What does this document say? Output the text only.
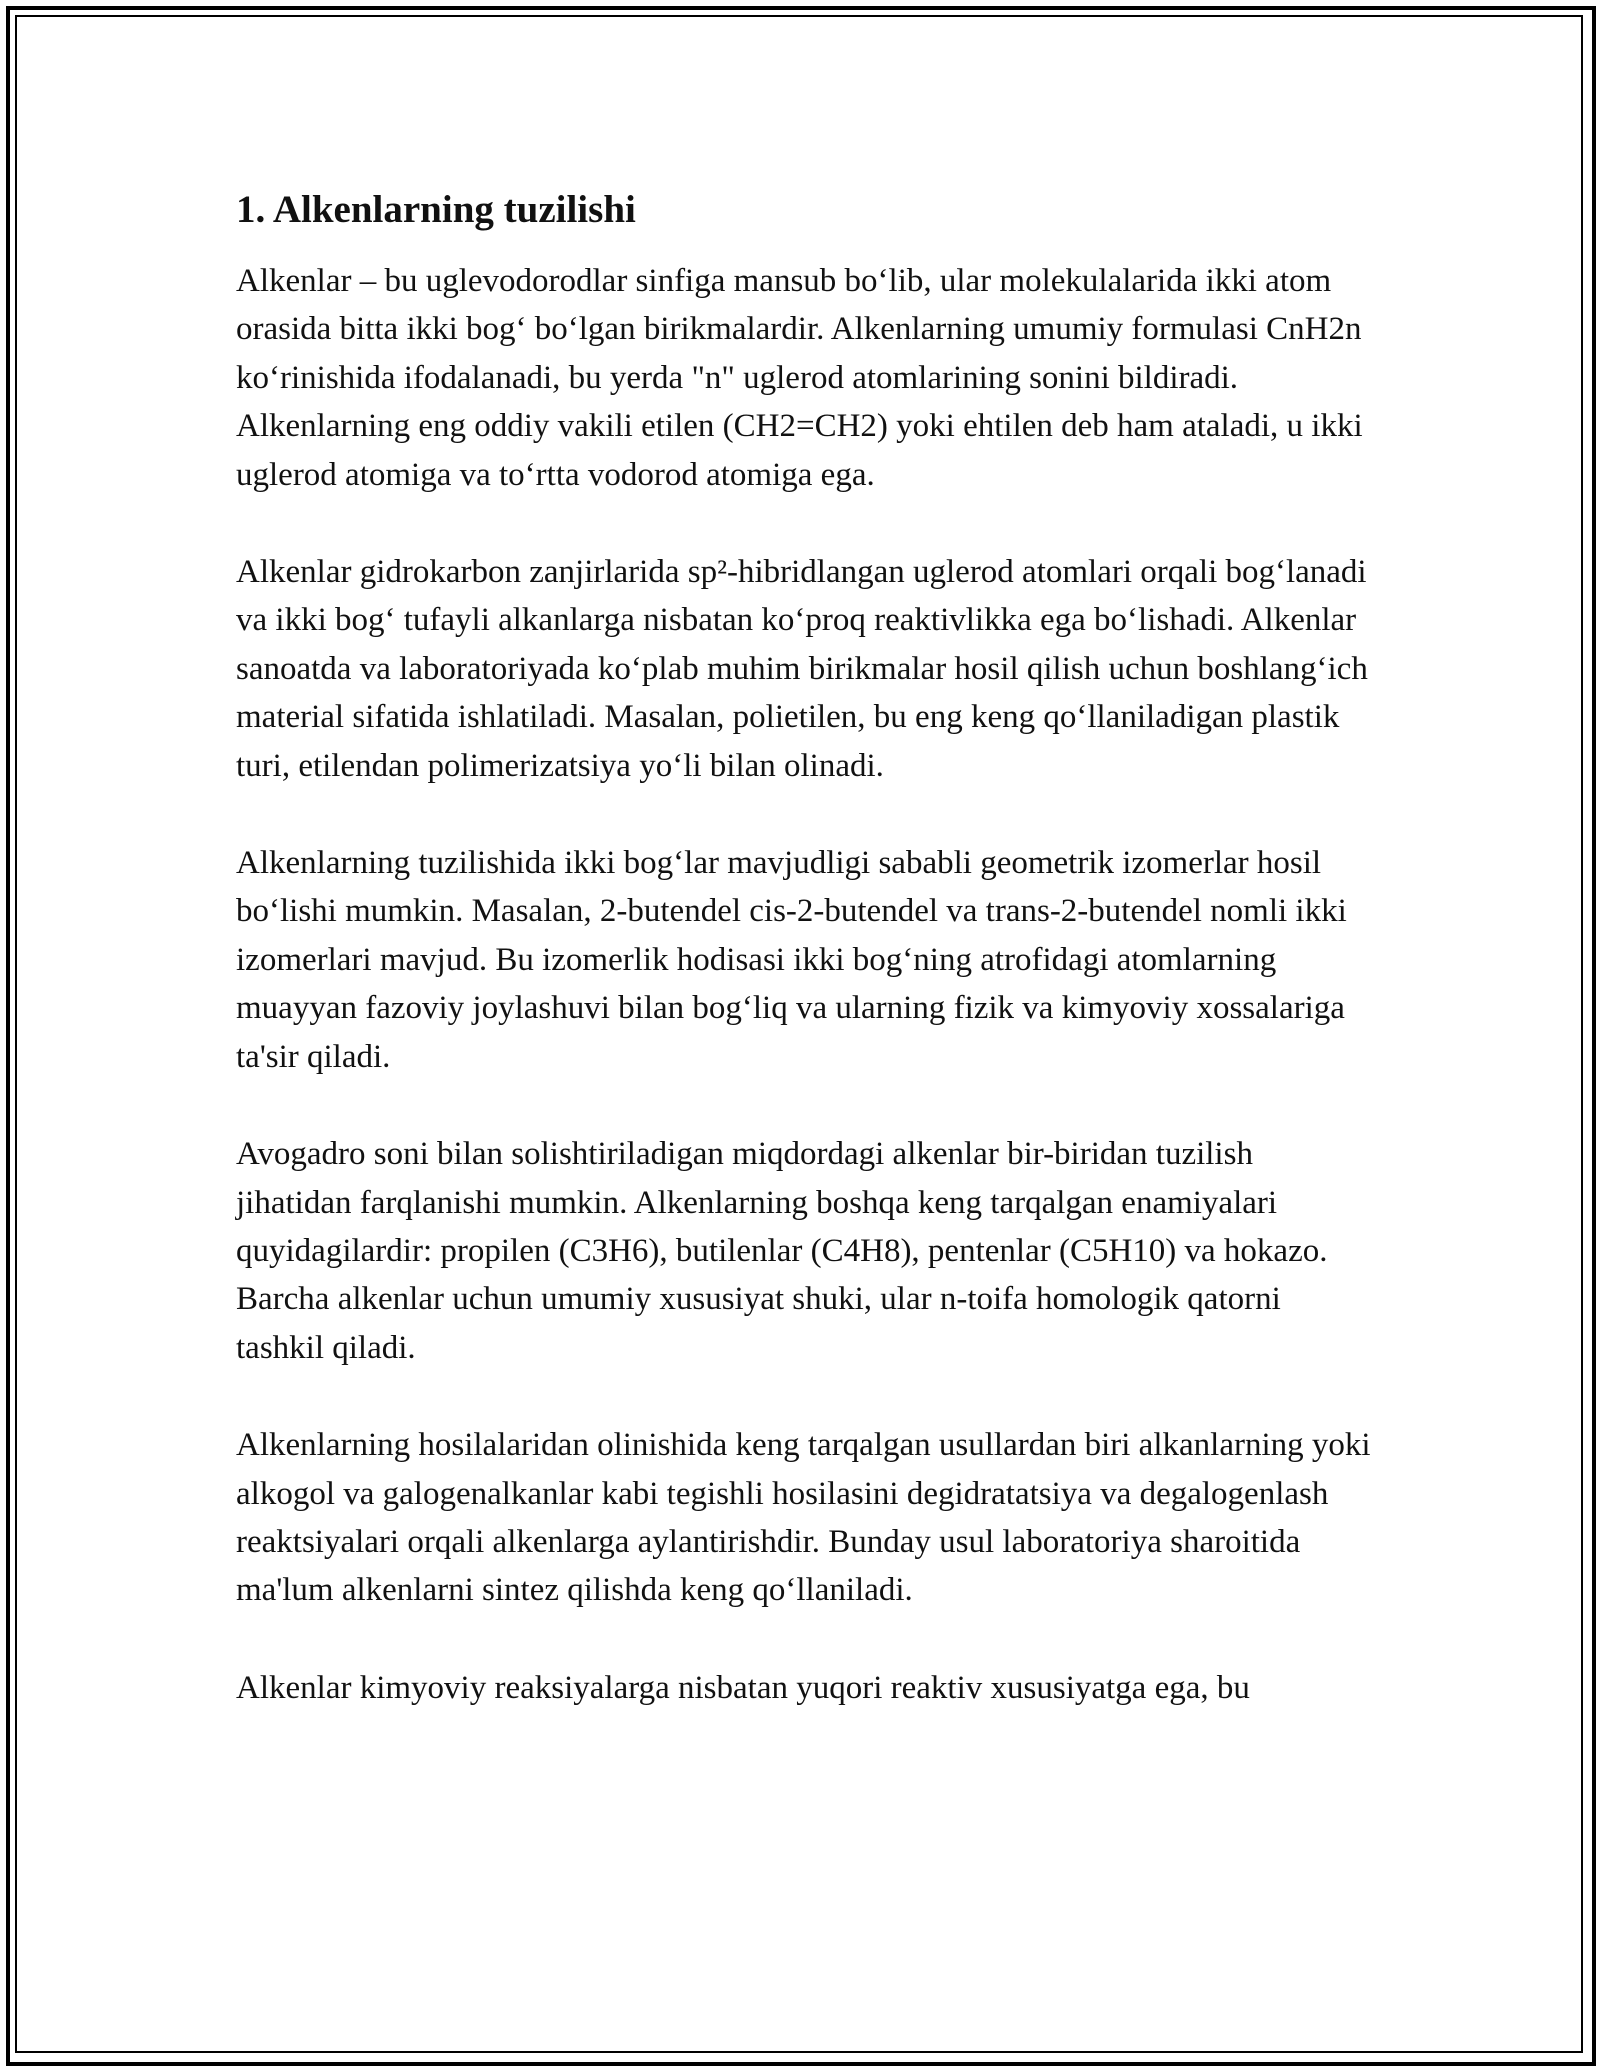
1. Alkenlarning tuzilishi

Alkenlar – bu uglevodorodlar sinfiga mansub bo‘lib, ular molekulalarida ikki atom orasida bitta ikki bog‘ bo‘lgan birikmalardir. Alkenlarning umumiy formulasi CnH2n ko‘rinishida ifodalanadi, bu yerda "n" uglerod atomlarining sonini bildiradi. Alkenlarning eng oddiy vakili etilen (CH2=CH2) yoki ehtilen deb ham ataladi, u ikki uglerod atomiga va to‘rtta vodorod atomiga ega.

Alkenlar gidrokarbon zanjirlarida sp²-hibridlangan uglerod atomlari orqali bog‘lanadi va ikki bog‘ tufayli alkanlarga nisbatan ko‘proq reaktivlikka ega bo‘lishadi. Alkenlar sanoatda va laboratoriyada ko‘plab muhim birikmalar hosil qilish uchun boshlang‘ich material sifatida ishlatiladi. Masalan, polietilen, bu eng keng qo‘llaniladigan plastik turi, etilendan polimerizatsiya yo‘li bilan olinadi.

Alkenlarning tuzilishida ikki bog‘lar mavjudligi sababli geometrik izomerlar hosil bo‘lishi mumkin. Masalan, 2-butendel cis-2-butendel va trans-2-butendel nomli ikki izomerlari mavjud. Bu izomerlik hodisasi ikki bog‘ning atrofidagi atomlarning muayyan fazoviy joylashuvi bilan bog‘liq va ularning fizik va kimyoviy xossalariga ta'sir qiladi.

Avogadro soni bilan solishtiriladigan miqdordagi alkenlar bir-biridan tuzilish jihatidan farqlanishi mumkin. Alkenlarning boshqa keng tarqalgan enamiyalari quyidagilardir: propilen (C3H6), butilenlar (C4H8), pentenlar (C5H10) va hokazo. Barcha alkenlar uchun umumiy xususiyat shuki, ular n-toifa homologik qatorni tashkil qiladi.

Alkenlarning hosilalaridan olinishida keng tarqalgan usullardan biri alkanlarning yoki alkogol va galogenalkanlar kabi tegishli hosilasini degidratatsiya va degalogenlash reaktsiyalari orqali alkenlarga aylantirishdir. Bunday usul laboratoriya sharoitida ma'lum alkenlarni sintez qilishda keng qo‘llaniladi.

Alkenlar kimyoviy reaksiyalarga nisbatan yuqori reaktiv xususiyatga ega, bu
